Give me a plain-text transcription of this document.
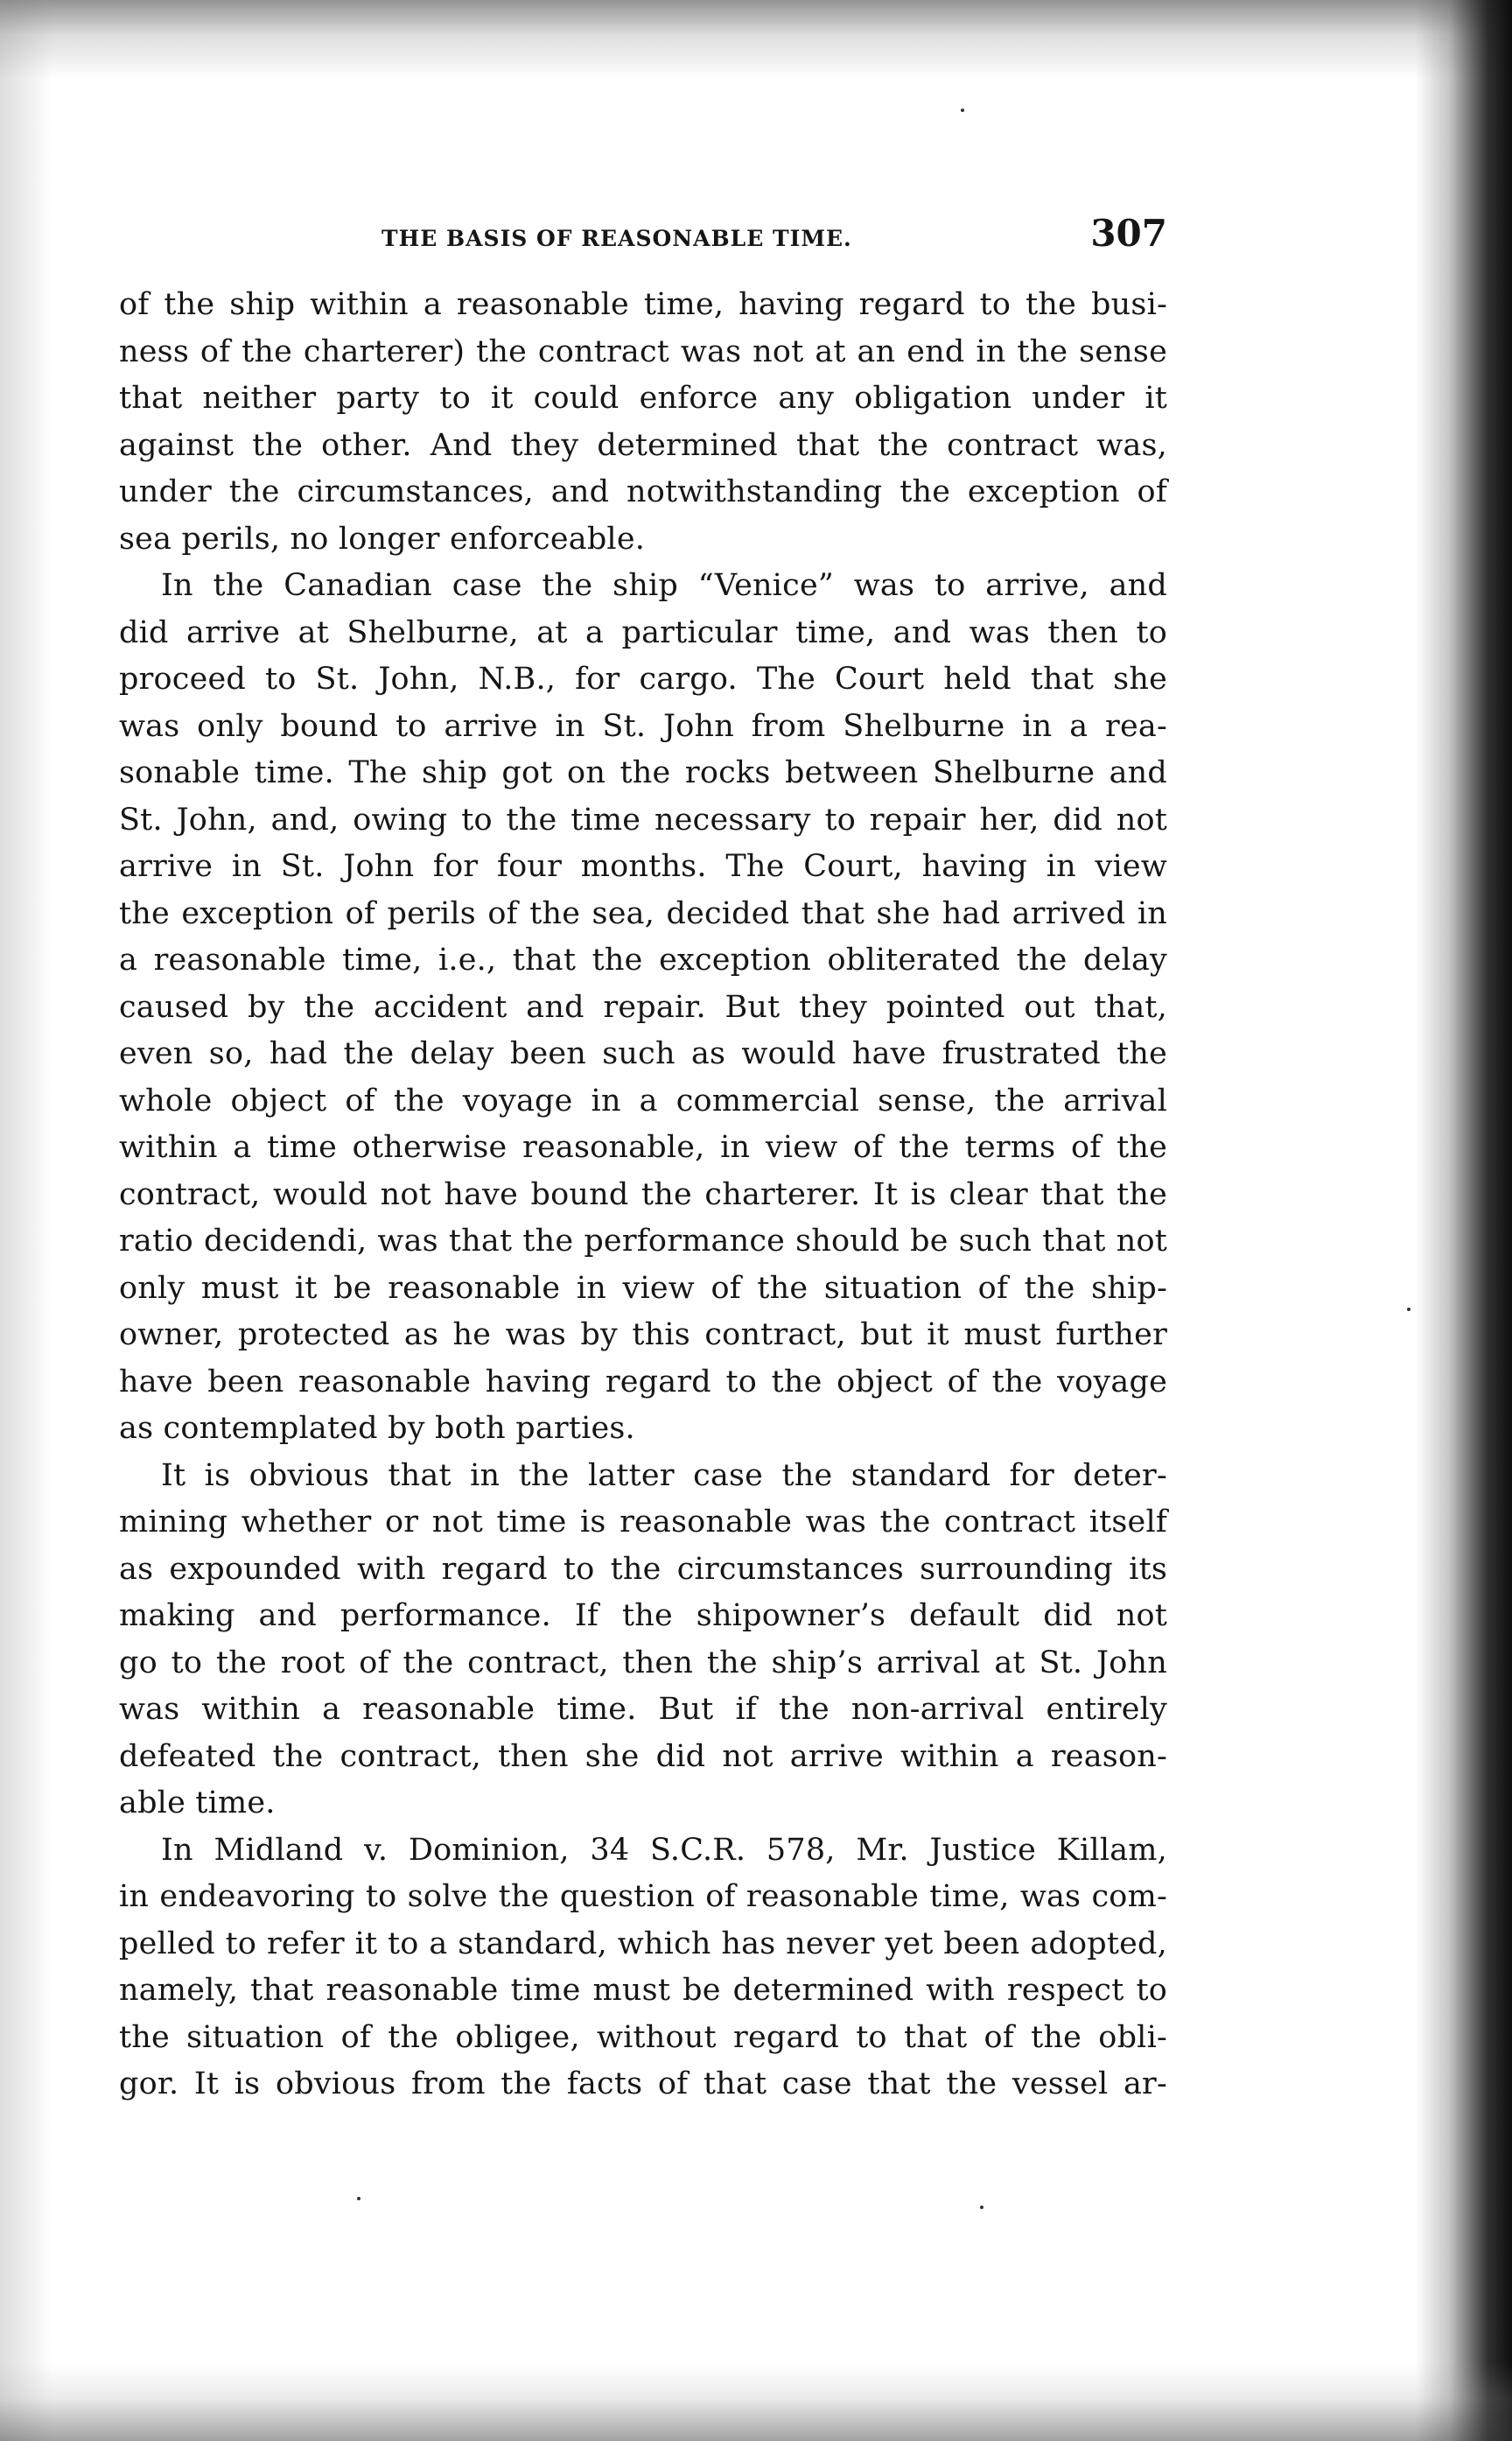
THE BASIS OF REASONABLE TIME.	307
of the ship within a reasonable time, having regard to the busi-
ness of the charterer) the contract was not at an end in the sense
that neither party to it could enforce any obligation under it
against the other. And they determined that the contract was,
under the circumstances, and notwithstanding the exception of
sea perils, no longer enforceable.
In the Canadian case the ship “Venice” was to arrive, and
did arrive at Shelburne, at a particular time, and was then to
proceed to St. John, N.B., for cargo. The Court held that she
was only bound to arrive in St. John from Shelburne in a rea-
sonable time. The ship got on the rocks between Shelburne and
St. John, and, owing to the time necessary to repair her, did not
arrive in St. John for four months. The Court, having in view
the exception of perils of the sea, decided that she had arrived in
a reasonable time, i.e., that the exception obliterated the delay
caused by the accident and repair. But they pointed out that,
even so, had the delay been such as would have frustrated the
whole object of the voyage in a commercial sense, the arrival
within a time otherwise reasonable, in view of the terms of the
contract, would not have bound the charterer. It is clear that the
ratio decidendi, was that the performance should be such that not
only must it be reasonable in view of the situation of the ship-
owner, protected as he was by this contract, but it must further
have been reasonable having regard to the object of the voyage
as contemplated by both parties.
It is obvious that in the latter case the standard for deter-
mining whether or not time is reasonable was the contract itself
as expounded with regard to the circumstances surrounding its
making and performance. If the shipowner’s default did not
go to the root of the contract, then the ship’s arrival at St. John
was within a reasonable time. But if the non-arrival entirely
defeated the contract, then she did not arrive within a reason-
able time.
In Midland v. Dominion, 34 S.C.R. 578, Mr. Justice Killam,
in endeavoring to solve the question of reasonable time, was com-
pelled to refer it to a standard, which has never yet been adopted,
namely, that reasonable time must be determined with respect to
the situation of the obligee, without regard to that of the obli-
gor. It is obvious from the facts of that case that the vessel ar-
